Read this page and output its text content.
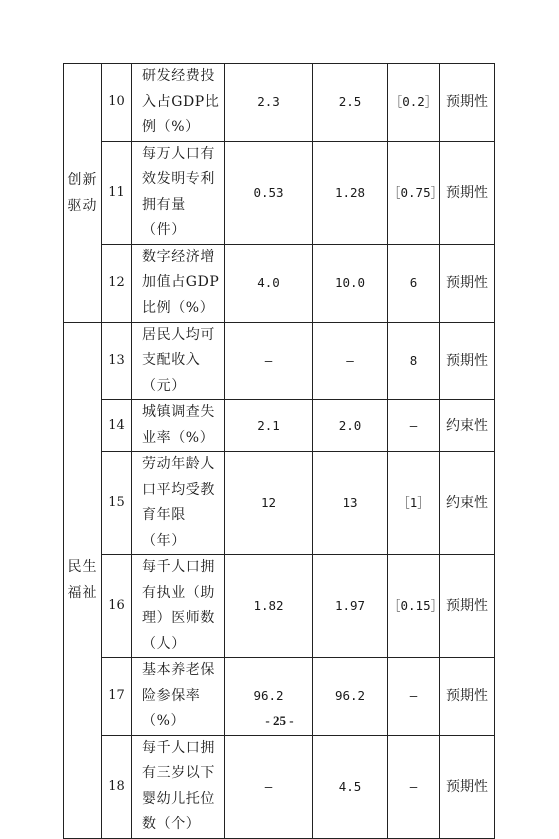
创新
驱动	10	研发经费投入占GDP比例（%）	2.3	2.5	［0.2］	预期性
	11	每万人口有效发明专利拥有量（件）	0.53	1.28	［0.75］	预期性
	12	数字经济增加值占GDP比例（%）	4.0	10.0	6	预期性
民生
福祉	13	居民人均可支配收入（元）	—	—	8	预期性
	14	城镇调查失业率（%）	2.1	2.0	—	约束性
	15	劳动年龄人口平均受教育年限（年）	12	13	［1］	约束性
	16	每千人口拥有执业（助理）医师数（人）	1.82	1.97	［0.15］	预期性
	17	基本养老保险参保率（%）	96.2	96.2	—	预期性
	18	每千人口拥有三岁以下婴幼儿托位数（个）	—	4.5	—	预期性
- 25 -
